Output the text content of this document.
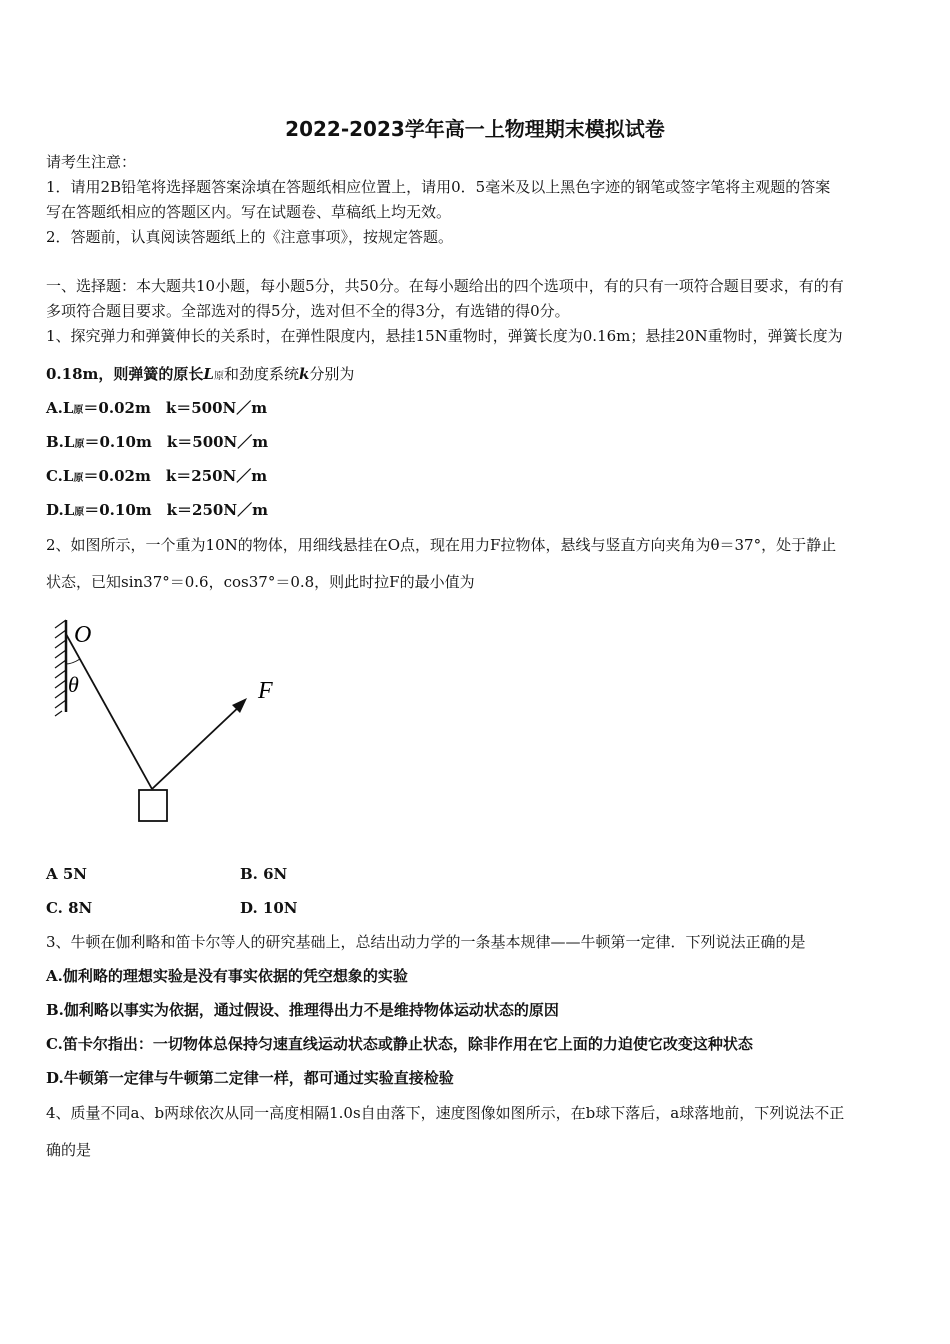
2022-2023学年高一上物理期末模拟试卷
请考生注意：
1．请用2B铅笔将选择题答案涂填在答题纸相应位置上，请用0．5毫米及以上黑色字迹的钢笔或签字笔将主观题的答案
写在答题纸相应的答题区内。写在试题卷、草稿纸上均无效。
2．答题前，认真阅读答题纸上的《注意事项》，按规定答题。
一、选择题：本大题共10小题，每小题5分，共50分。在每小题给出的四个选项中，有的只有一项符合题目要求，有的有
多项符合题目要求。全部选对的得5分，选对但不全的得3分，有选错的得0分。
1、探究弹力和弹簧伸长的关系时，在弹性限度内，悬挂15N重物时，弹簧长度为0.16m；悬挂20N重物时，弹簧长度为
0.18m，则弹簧的原长L原和劲度系统k分别为
A.L原＝0.02m　k＝500N／m
B.L原＝0.10m　k＝500N／m
C.L原＝0.02m　k＝250N／m
D.L原＝0.10m　k＝250N／m
2、如图所示，一个重为10N的物体，用细线悬挂在O点，现在用力F拉物体，悬线与竖直方向夹角为θ＝37°，处于静止
状态，已知sin37°＝0.6，cos37°＝0.8，则此时拉F的最小值为
O
θ	F
A 5N	B. 6N
C. 8N	D. 10N
3、牛顿在伽利略和笛卡尔等人的研究基础上，总结出动力学的一条基本规律——牛顿第一定律．下列说法正确的是
A.伽利略的理想实验是没有事实依据的凭空想象的实验
B.伽利略以事实为依据，通过假设、推理得出力不是维持物体运动状态的原因
C.笛卡尔指出：一切物体总保持匀速直线运动状态或静止状态，除非作用在它上面的力迫使它改变这种状态
D.牛顿第一定律与牛顿第二定律一样，都可通过实验直接检验
4、质量不同a、b两球依次从同一高度相隔1.0s自由落下，速度图像如图所示，在b球下落后，a球落地前，下列说法不正
确的是
